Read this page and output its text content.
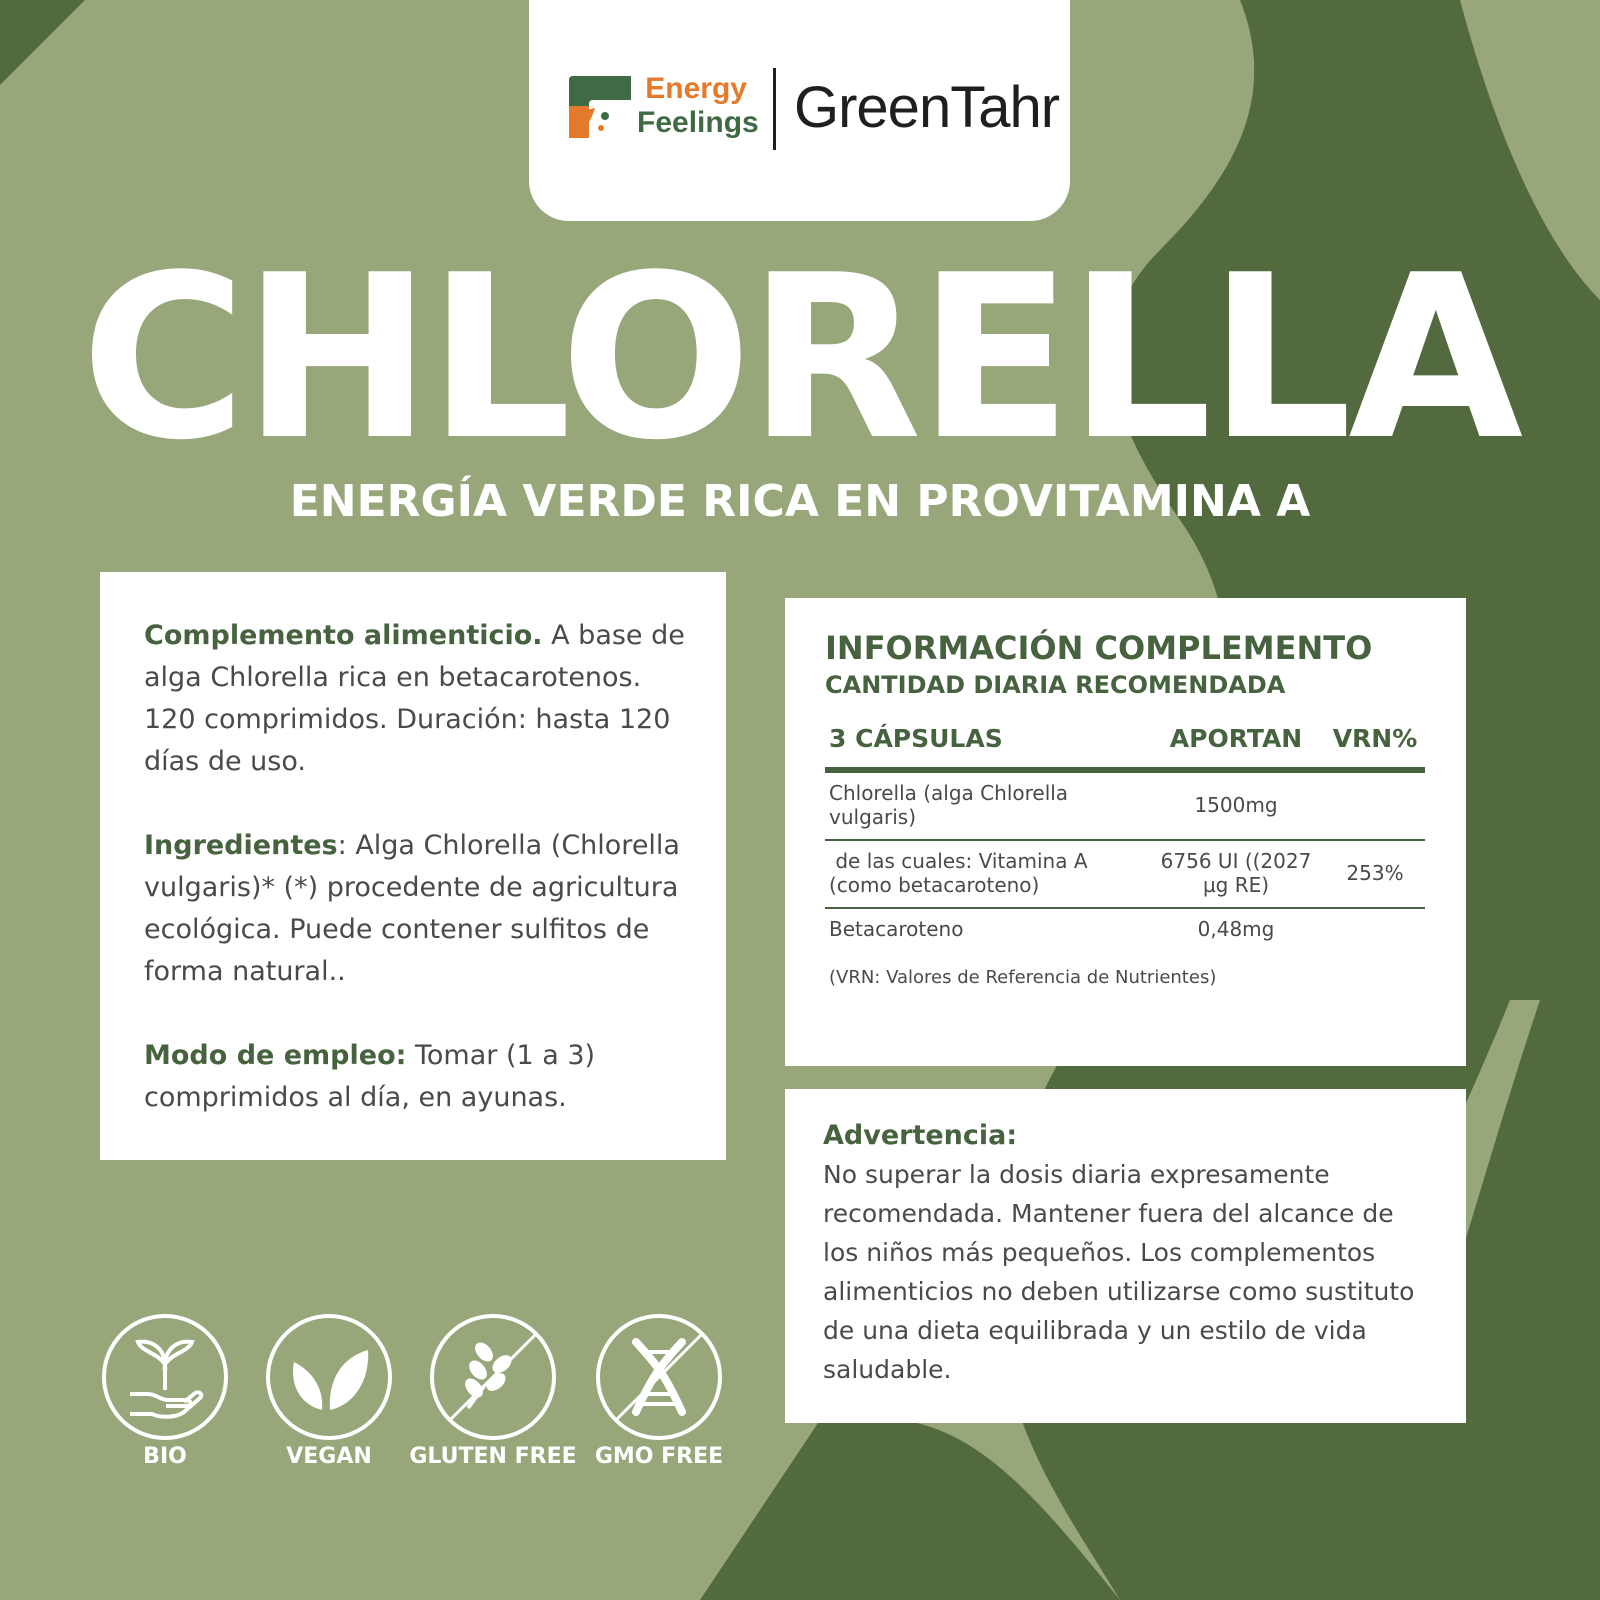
Energy
Feelings GreenTahr
CHLORELLA
ENERGÍA VERDE RICA EN PROVITAMINA A

Complemento alimenticio. A base de alga Chlorella rica en betacarotenos. 120 comprimidos. Duración: hasta 120 días de uso.

Ingredientes: Alga Chlorella (Chlorella vulgaris)* (*) procedente de agricultura ecológica. Puede contener sulfitos de forma natural..

Modo de empleo: Tomar (1 a 3) comprimidos al día, en ayunas.

INFORMACIÓN COMPLEMENTO

CANTIDAD DIARIA RECOMENDADA

3 CÁPSULAS	APORTAN	VRN%
Chlorella (alga Chlorella vulgaris)	1500mg	
de las cuales: Vitamina A (como betacaroteno)	6756 UI ((2027 µg RE)	253%
Betacaroteno	0,48mg	

(VRN: Valores de Referencia de Nutrientes)

Advertencia:

No superar la dosis diaria expresamente recomendada. Mantener fuera del alcance de los niños más pequeños. Los complementos alimenticios no deben utilizarse como sustituto de una dieta equilibrada y un estilo de vida saludable.

BIO	VEGAN	GLUTEN FREE GMO FREE
